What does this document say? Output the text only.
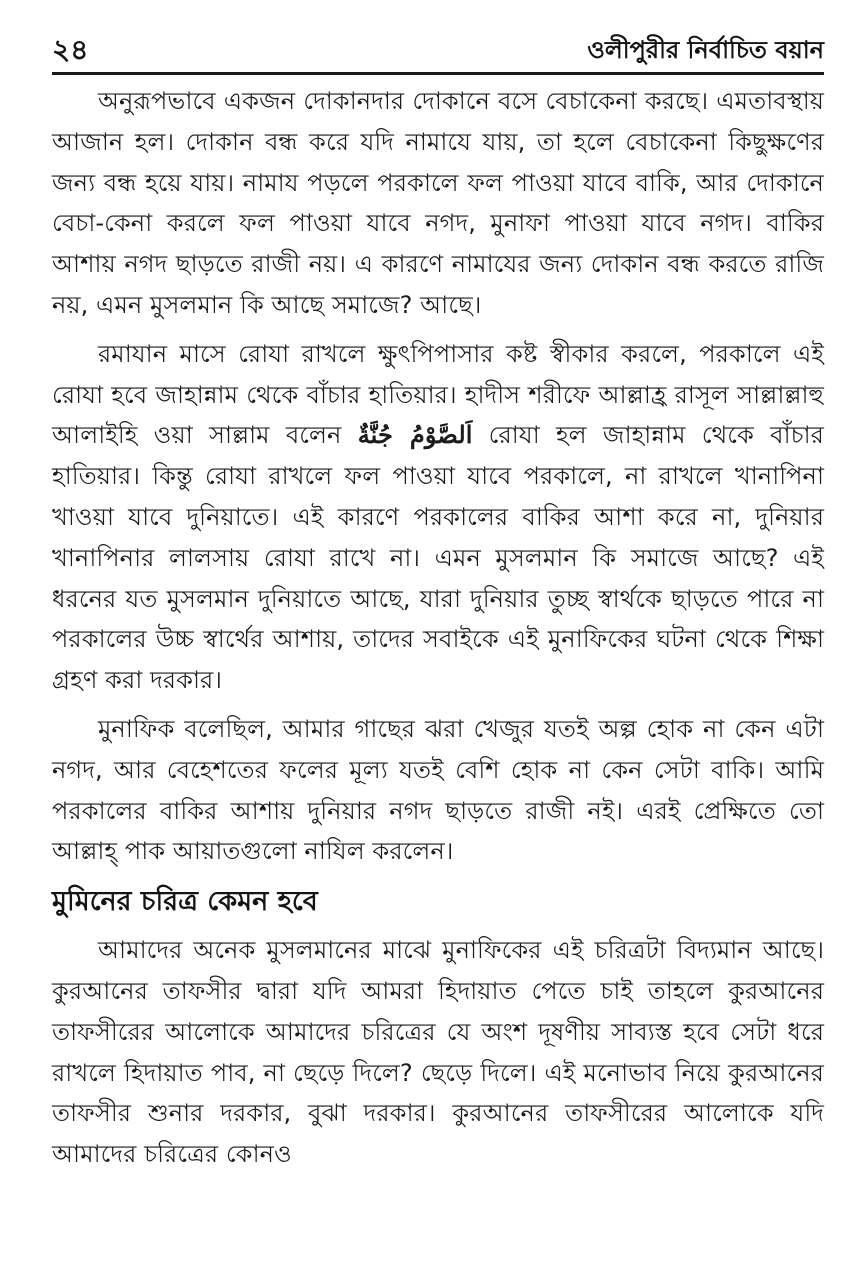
২৪	ওলীপুরীর নির্বাচিত বয়ান

অনুরূপভাবে একজন দোকানদার দোকানে বসে বেচাকেনা করছে। এমতাবস্থায় আজান হল। দোকান বন্ধ করে যদি নামাযে যায়, তা হলে বেচাকেনা কিছুক্ষণের জন্য বন্ধ হয়ে যায়। নামায পড়লে পরকালে ফল পাওয়া যাবে বাকি, আর দোকানে বেচা-কেনা করলে ফল পাওয়া যাবে নগদ, মুনাফা পাওয়া যাবে নগদ। বাকির আশায় নগদ ছাড়তে রাজী নয়। এ কারণে নামাযের জন্য দোকান বন্ধ করতে রাজি নয়, এমন মুসলমান কি আছে সমাজে? আছে।

রমাযান মাসে রোযা রাখলে ক্ষুৎপিপাসার কষ্ট স্বীকার করলে, পরকালে এই রোযা হবে জাহান্নাম থেকে বাঁচার হাতিয়ার। হাদীস শরীফে আল্লাহ্র রাসূল সাল্লাল্লাহু আলাইহি ওয়া সাল্লাম বলেন اَلصَّوْمُ جُنَّةٌ রোযা হল জাহান্নাম থেকে বাঁচার হাতিয়ার। কিন্তু রোযা রাখলে ফল পাওয়া যাবে পরকালে, না রাখলে খানাপিনা খাওয়া যাবে দুনিয়াতে। এই কারণে পরকালের বাকির আশা করে না, দুনিয়ার খানাপিনার লালসায় রোযা রাখে না। এমন মুসলমান কি সমাজে আছে? এই ধরনের যত মুসলমান দুনিয়াতে আছে, যারা দুনিয়ার তুচ্ছ স্বার্থকে ছাড়তে পারে না পরকালের উচ্চ স্বার্থের আশায়, তাদের সবাইকে এই মুনাফিকের ঘটনা থেকে শিক্ষা গ্রহণ করা দরকার।

মুনাফিক বলেছিল, আমার গাছের ঝরা খেজুর যতই অল্প হোক না কেন এটা নগদ, আর বেহেশতের ফলের মূল্য যতই বেশি হোক না কেন সেটা বাকি। আমি পরকালের বাকির আশায় দুনিয়ার নগদ ছাড়তে রাজী নই। এরই প্রেক্ষিতে তো আল্লাহ্ পাক আয়াতগুলো নাযিল করলেন।

মুমিনের চরিত্র কেমন হবে

আমাদের অনেক মুসলমানের মাঝে মুনাফিকের এই চরিত্রটা বিদ্যমান আছে। কুরআনের তাফসীর দ্বারা যদি আমরা হিদায়াত পেতে চাই তাহলে কুরআনের তাফসীরের আলোকে আমাদের চরিত্রের যে অংশ দূষণীয় সাব্যস্ত হবে সেটা ধরে রাখলে হিদায়াত পাব, না ছেড়ে দিলে? ছেড়ে দিলে। এই মনোভাব নিয়ে কুরআনের তাফসীর শুনার দরকার, বুঝা দরকার। কুরআনের তাফসীরের আলোকে যদি আমাদের চরিত্রের কোনও
